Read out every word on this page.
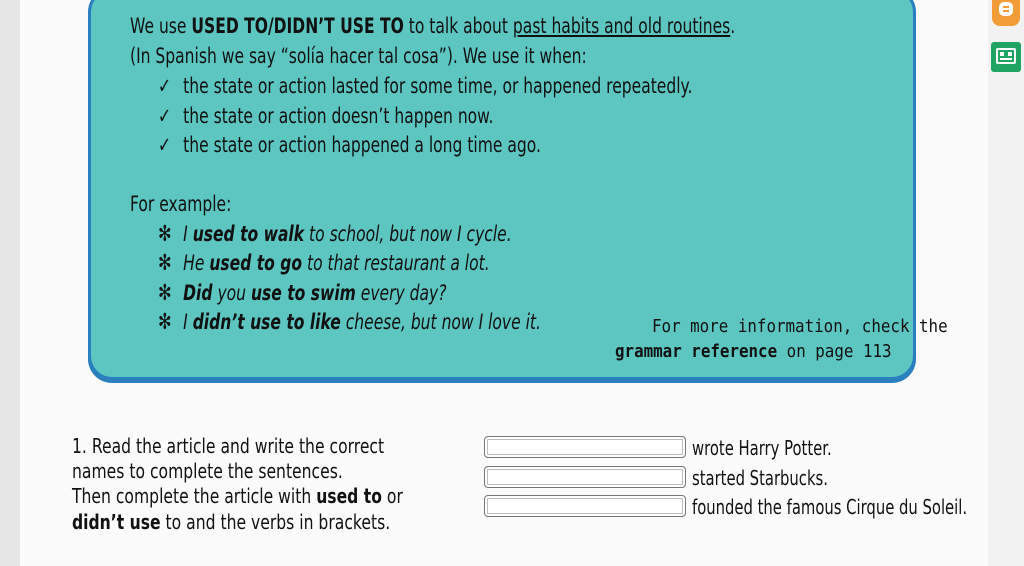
We use USED TO/DIDN’T USE TO to talk about past habits and old routines.
(In Spanish we say “solía hacer tal cosa”). We use it when:
✓ the state or action lasted for some time, or happened repeatedly.
✓ the state or action doesn’t happen now.
✓ the state or action happened a long time ago.
For example:
✻ I used to walk to school, but now I cycle.
✻ He used to go to that restaurant a lot.
✻ Did you use to swim every day?
✻ I didn’t use to like cheese, but now I love it.	For more information, check the
grammar reference on page 113
1. Read the article and write the correct
names to complete the sentences.
Then complete the article with used to or
didn’t use to and the verbs in brackets.
wrote Harry Potter.
started Starbucks.
founded the famous Cirque du Soleil.
